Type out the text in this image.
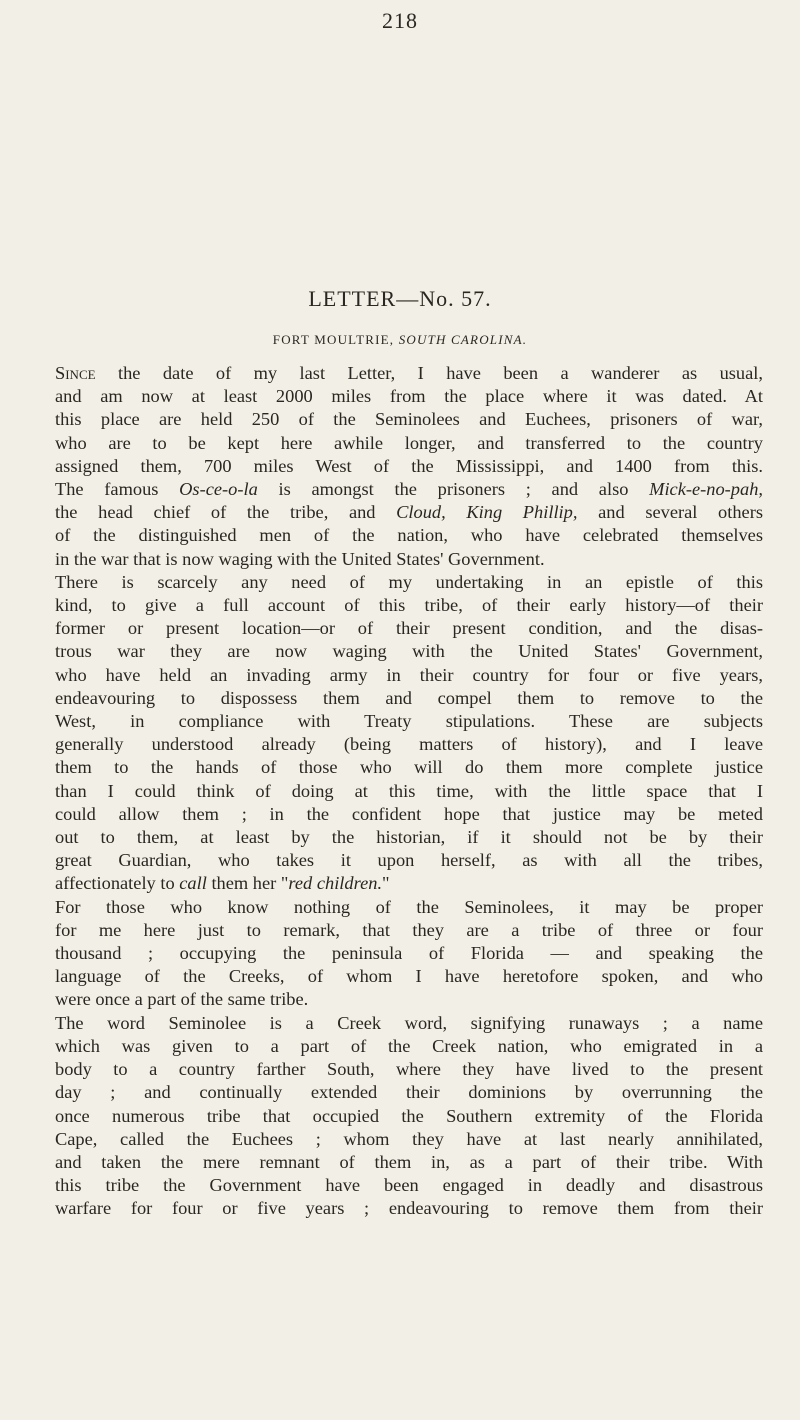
218
LETTER—No. 57.
FORT MOULTRIE, SOUTH CAROLINA.
Since the date of my last Letter, I have been a wanderer as usual,
and am now at least 2000 miles from the place where it was dated. At
this place are held 250 of the Seminolees and Euchees, prisoners of war,
who are to be kept here awhile longer, and transferred to the country
assigned them, 700 miles West of the Mississippi, and 1400 from this.
The famous Os-ce-o-la is amongst the prisoners ; and also Mick-e-no-pah,
the head chief of the tribe, and Cloud, King Phillip, and several others
of the distinguished men of the nation, who have celebrated themselves
in the war that is now waging with the United States' Government.
There is scarcely any need of my undertaking in an epistle of this
kind, to give a full account of this tribe, of their early history—of their
former or present location—or of their present condition, and the disas-
trous war they are now waging with the United States' Government,
who have held an invading army in their country for four or five years,
endeavouring to dispossess them and compel them to remove to the
West, in compliance with Treaty stipulations. These are subjects
generally understood already (being matters of history), and I leave
them to the hands of those who will do them more complete justice
than I could think of doing at this time, with the little space that I
could allow them ; in the confident hope that justice may be meted
out to them, at least by the historian, if it should not be by their
great Guardian, who takes it upon herself, as with all the tribes,
affectionately to call them her "red children."
For those who know nothing of the Seminolees, it may be proper
for me here just to remark, that they are a tribe of three or four
thousand ; occupying the peninsula of Florida — and speaking the
language of the Creeks, of whom I have heretofore spoken, and who
were once a part of the same tribe.
The word Seminolee is a Creek word, signifying runaways ; a name
which was given to a part of the Creek nation, who emigrated in a
body to a country farther South, where they have lived to the present
day ; and continually extended their dominions by overrunning the
once numerous tribe that occupied the Southern extremity of the Florida
Cape, called the Euchees ; whom they have at last nearly annihilated,
and taken the mere remnant of them in, as a part of their tribe. With
this tribe the Government have been engaged in deadly and disastrous
warfare for four or five years ; endeavouring to remove them from their
